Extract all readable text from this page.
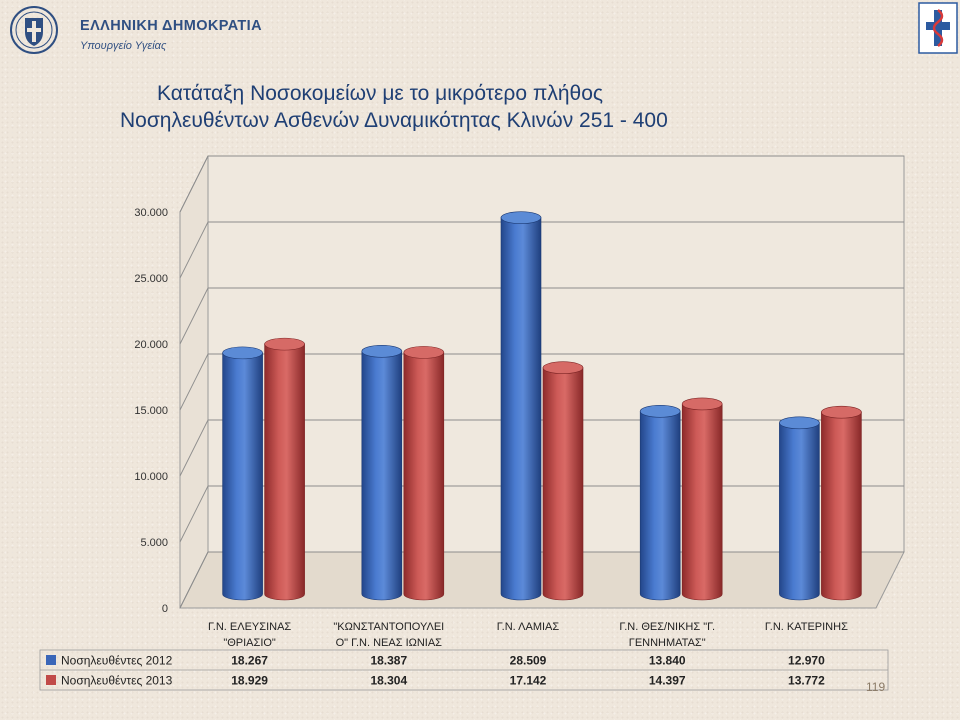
ΕΛΛΗΝΙΚΗ ΔΗΜΟΚΡΑΤΙΑ
Υπουργείο Υγείας
Κατάταξη Νοσοκομείων με το μικρότερο πλήθος
Νοσηλευθέντων Ασθενών Δυναμικότητας Κλινών 251 - 400
0
5.000
10.000
15.000
20.000
25.000
30.000
Γ.Ν. ΕΛΕΥΣΙΝΑΣ
"ΘΡΙΑΣΙΟ"
"ΚΩΝΣΤΑΝΤΟΠΟΥΛΕΙ
Ο" Γ.Ν. ΝΕΑΣ ΙΩΝΙΑΣ
Γ.Ν. ΛΑΜΙΑΣ	Γ.Ν. ΘΕΣ/ΝΙΚΗΣ "Γ.
ΓΕΝΝΗΜΑΤΑΣ"
Γ.Ν. ΚΑΤΕΡΙΝΗΣ
Νοσηλευθέντες 2012	18.267	18.387	28.509	13.840	12.970
Νοσηλευθέντες 2013	18.929	18.304	17.142	14.397	13.772	119
